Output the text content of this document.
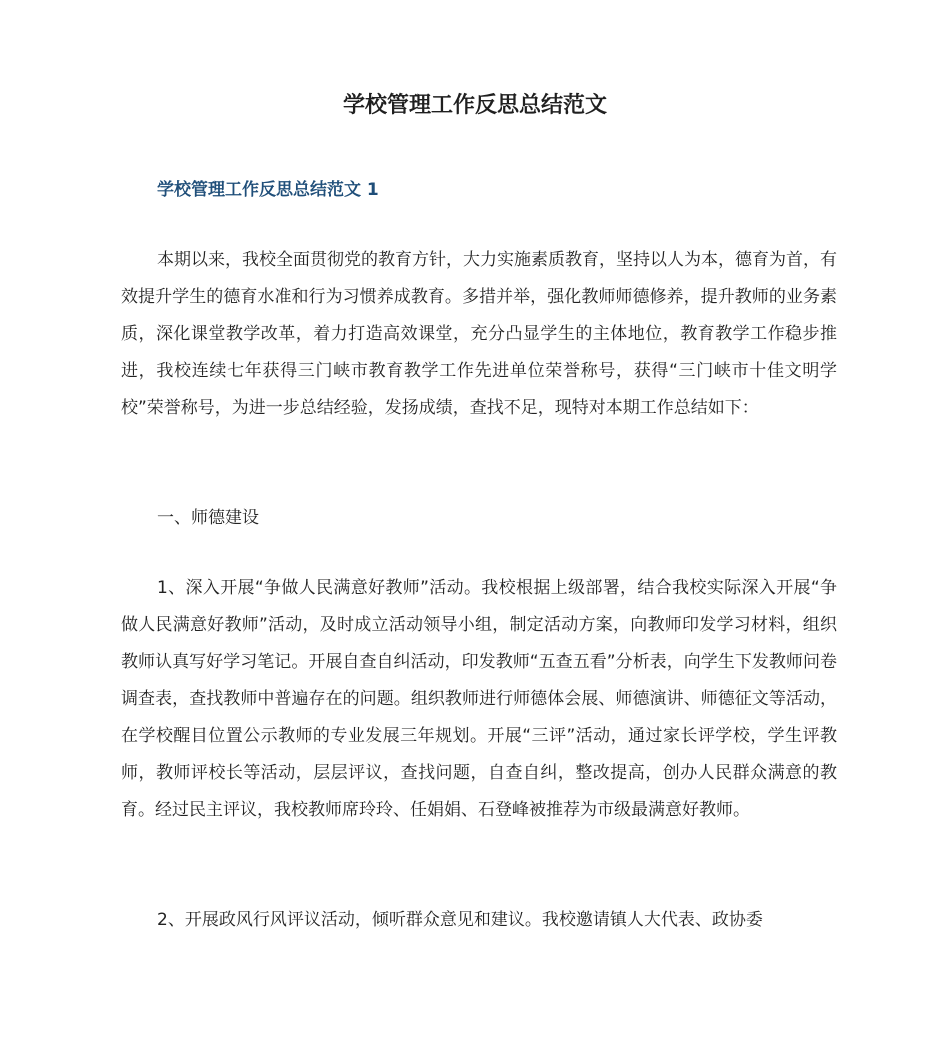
学校管理工作反思总结范文
学校管理工作反思总结范文 1

本期以来，我校全面贯彻党的教育方针，大力实施素质教育，坚持以人为本，德育为首，有效提升学生的德育水准和行为习惯养成教育。多措并举，强化教师师德修养，提升教师的业务素质，深化课堂教学改革，着力打造高效课堂，充分凸显学生的主体地位，教育教学工作稳步推进，我校连续七年获得三门峡市教育教学工作先进单位荣誉称号，获得“三门峡市十佳文明学校”荣誉称号，为进一步总结经验，发扬成绩，查找不足，现特对本期工作总结如下：

一、师德建设

1、深入开展“争做人民满意好教师”活动。我校根据上级部署，结合我校实际深入开展“争做人民满意好教师”活动，及时成立活动领导小组，制定活动方案，向教师印发学习材料，组织教师认真写好学习笔记。开展自查自纠活动，印发教师“五查五看”分析表，向学生下发教师问卷调查表，查找教师中普遍存在的问题。组织教师进行师德体会展、师德演讲、师德征文等活动，在学校醒目位置公示教师的专业发展三年规划。开展“三评”活动，通过家长评学校，学生评教师，教师评校长等活动，层层评议，查找问题，自查自纠，整改提高，创办人民群众满意的教育。经过民主评议，我校教师席玲玲、任娟娟、石登峰被推荐为市级最满意好教师。

2、开展政风行风评议活动，倾听群众意见和建议。我校邀请镇人大代表、政协委
